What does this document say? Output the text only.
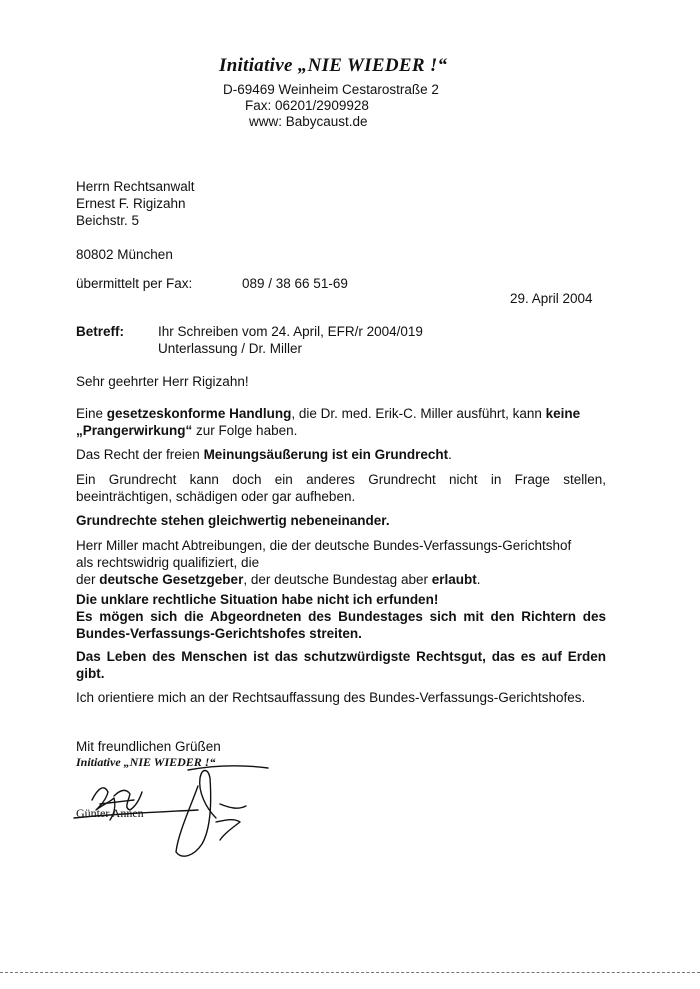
Initiative „NIE WIEDER !“
D-69469 Weinheim Cestarostraße 2
Fax: 06201/2909928
www: Babycaust.de
Herrn Rechtsanwalt
Ernest F. Rigizahn
Beichstr. 5
80802 München
übermittelt per Fax:	089 / 38 66 51-69
29. April 2004
Betreff:	Ihr Schreiben vom 24. April, EFR/r 2004/019
Unterlassung / Dr. Miller
Sehr geehrter Herr Rigizahn!

Eine gesetzeskonforme Handlung, die Dr. med. Erik-C. Miller ausführt, kann keine

„Prangerwirkung“ zur Folge haben.

Das Recht der freien Meinungsäußerung ist ein Grundrecht.

Ein Grundrecht kann doch ein anderes Grundrecht nicht in Frage stellen,

beeinträchtigen, schädigen oder gar aufheben.

Grundrechte stehen gleichwertig nebeneinander.

Herr Miller macht Abtreibungen, die der deutsche Bundes-Verfassungs-Gerichtshof

als rechtswidrig qualifiziert, die

der deutsche Gesetzgeber, der deutsche Bundestag aber erlaubt.

Die unklare rechtliche Situation habe nicht ich erfunden!

Es mögen sich die Abgeordneten des Bundestages sich mit den Richtern des

Bundes-Verfassungs-Gerichtshofes streiten.

Das Leben des Menschen ist das schutzwürdigste Rechtsgut, das es auf Erden

gibt.

Ich orientiere mich an der Rechtsauffassung des Bundes-Verfassungs-Gerichtshofes.
Mit freundlichen Grüßen
Initiative „NIE WIEDER !“
Günter Annen
